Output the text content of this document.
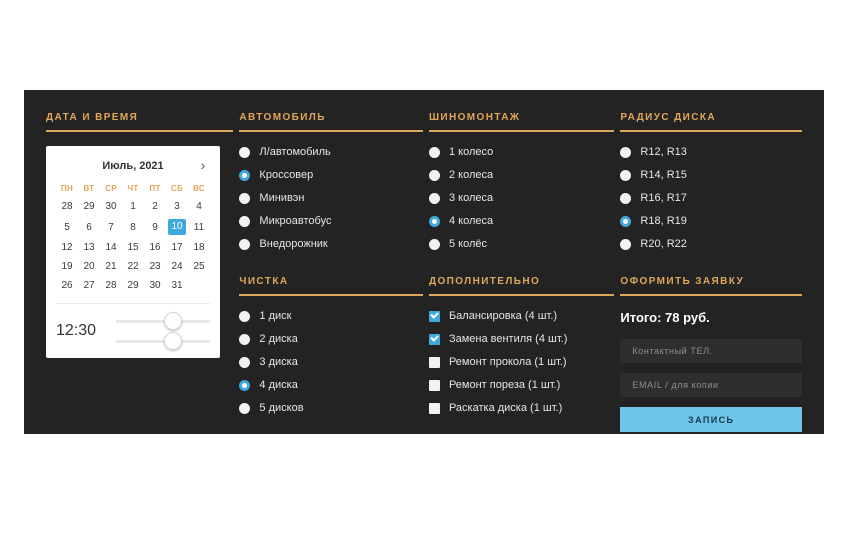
ДАТА И ВРЕМЯ
Июль, 2021	›
ПН	ВТ	СР	ЧТ	ПТ	СБ	ВС
28	29	30	1	2	3	4
5	6	7	8	9	10	11
12	13	14	15	16	17	18
19	20	21	22	23	24	25
26	27	28	29	30	31	
12:30
АВТОМОБИЛЬ
Л/автомобиль
Кроссовер
Минивэн
Микроавтобус
Внедорожник
ЧИСТКА
1 диск
2 диска
3 диска
4 диска
5 дисков
ШИНОМОНТАЖ
1 колесо
2 колеса
3 колеса
4 колеса
5 колёс
ДОПОЛНИТЕЛЬНО
Балансировка (4 шт.)
Замена вентиля (4 шт.)
Ремонт прокола (1 шт.)
Ремонт пореза (1 шт.)
Раскатка диска (1 шт.)
РАДИУС ДИСКА
R12, R13
R14, R15
R16, R17
R18, R19
R20, R22
ОФОРМИТЬ ЗАЯВКУ
Итого: 78 руб.
Контактный ТЕЛ.
EMAIL / для копии ЗАПИСЬ
